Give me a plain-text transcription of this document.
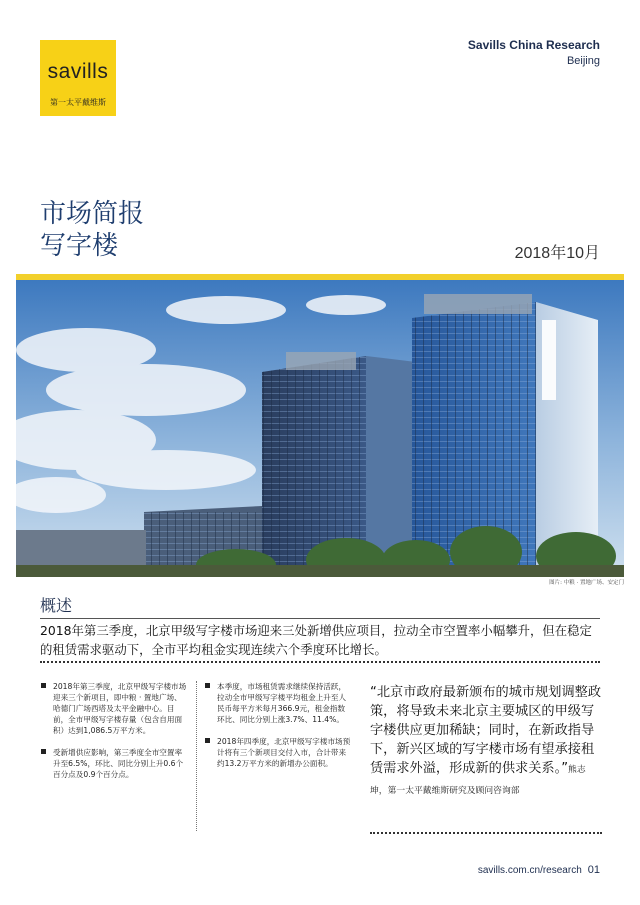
savills
第一太平戴维斯
Savills China Research
Beijing
市场简报
写字楼	2018年10月
图片: 中粮 · 置地广场、安定门
概述
2018年第三季度，北京甲级写字楼市场迎来三处新增供应项目，拉动全市空置率小幅攀升，但在稳定的租赁需求驱动下，全市平均租金实现连续六个季度环比增长。
2018年第三季度，北京甲级写字楼市场迎来三个新项目，即中粮 · 置地广场、哈德门广场西塔及太平金融中心。目前，全市甲级写字楼存量（包含自用面积）达到1,086.5万平方米。
受新增供应影响，第三季度全市空置率升至6.5%，环比、同比分别上升0.6个百分点及0.9个百分点。
本季度，市场租赁需求继续保持活跃，拉动全市甲级写字楼平均租金上升至人民币每平方米每月366.9元，租金指数环比、同比分别上涨3.7%、11.4%。
2018年四季度，北京甲级写字楼市场预计将有三个新项目交付入市，合计带来约13.2万平方米的新增办公面积。
“北京市政府最新颁布的城市规划调整政策，将导致未来北京主要城区的甲级写字楼供应更加稀缺；同时，在新政指导下，新兴区域的写字楼市场有望承接租赁需求外溢，形成新的供求关系。”熊志坤，第一太平戴维斯研究及顾问咨询部
savills.com.cn/research 01
